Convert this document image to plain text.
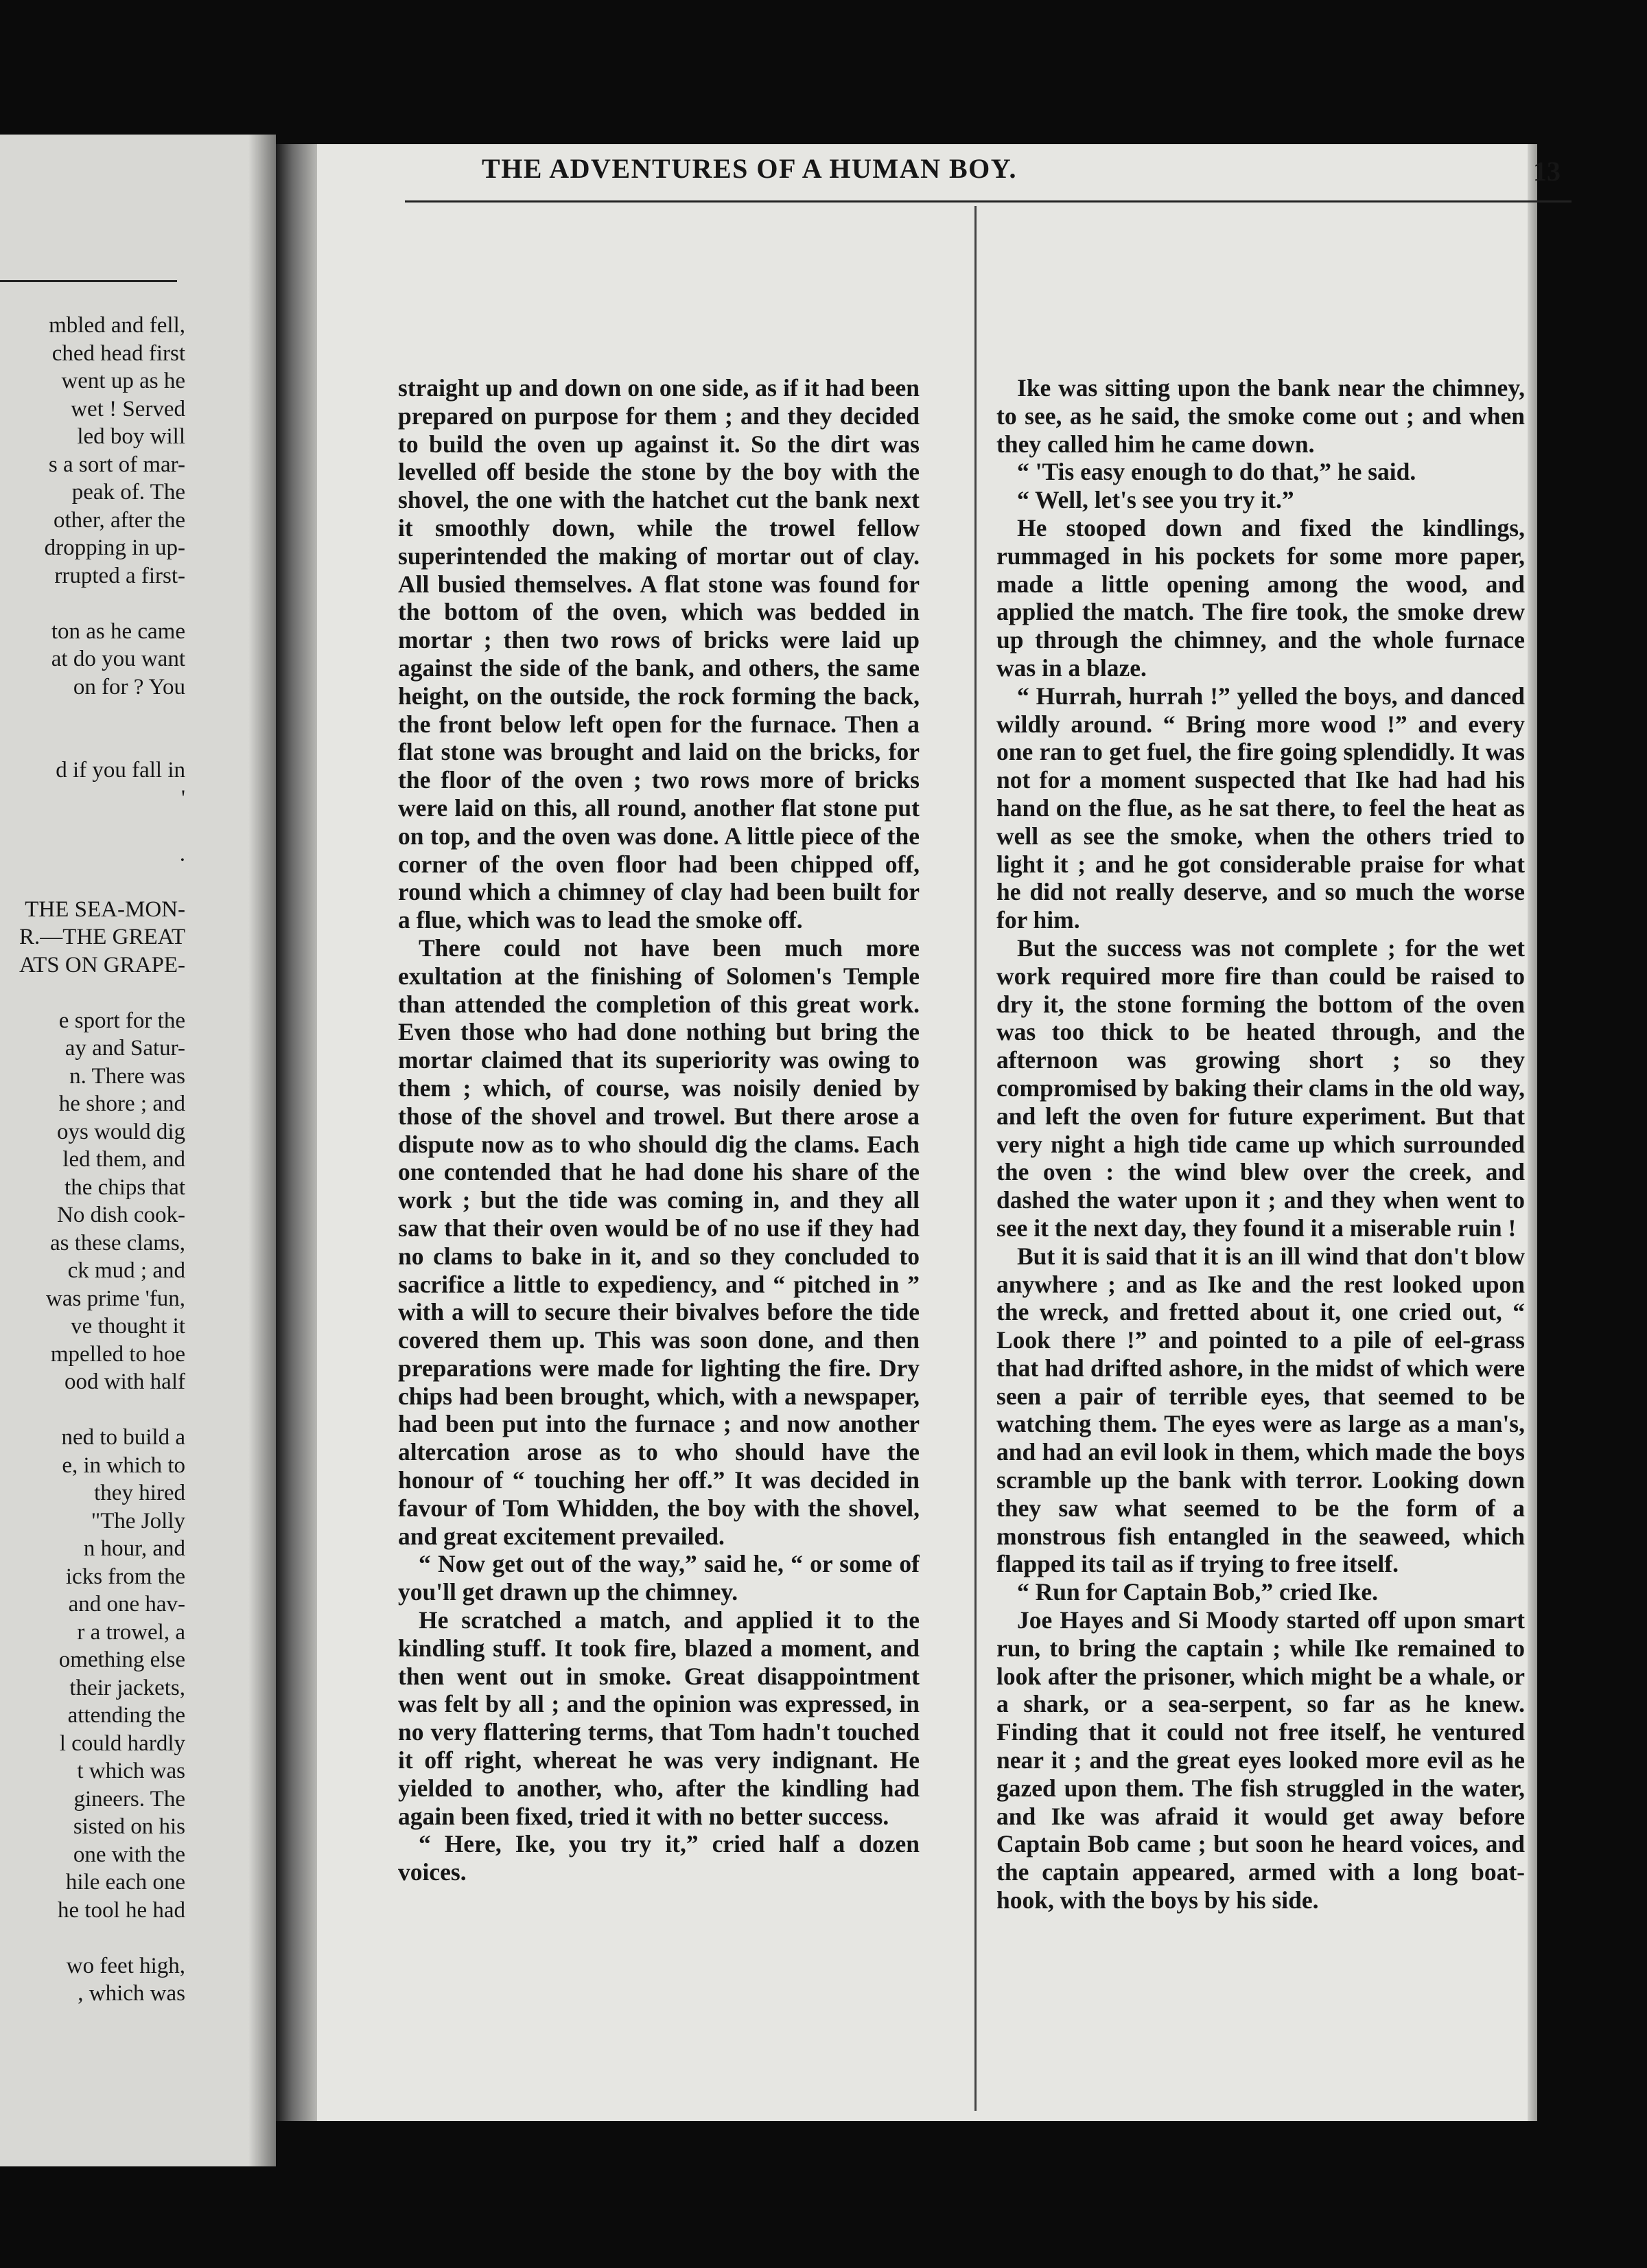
mbled and fell,
ched head first
went up as he
wet ! Served
led boy will
s a sort of mar-
peak of. The
other, after the
dropping in up-
rrupted a first-
ton as he came
at do you want
on for ? You
d if you fall in
'
.
THE SEA-MON-
R.—THE GREAT
ATS ON GRAPE-
e sport for the
ay and Satur-
n. There was
he shore ; and
oys would dig
led them, and
the chips that
No dish cook-
as these clams,
ck mud ; and
was prime 'fun,
ve thought it
mpelled to hoe
ood with half
ned to build a
e, in which to
they hired
"The Jolly
n hour, and
icks from the
and one hav-
r a trowel, a
omething else
their jackets,
attending the
l could hardly
t which was
gineers. The
sisted on his
one with the
hile each one
he tool he had
wo feet high,
, which was
THE ADVENTURES OF A HUMAN BOY.	13

straight up and down on one side, as if it had been prepared on purpose for them ; and they decided to build the oven up against it. So the dirt was levelled off beside the stone by the boy with the shovel, the one with the hatchet cut the bank next it smoothly down, while the trowel fellow superintended the making of mortar out of clay. All busied themselves. A flat stone was found for the bottom of the oven, which was bedded in mortar ; then two rows of bricks were laid up against the side of the bank, and others, the same height, on the outside, the rock forming the back, the front below left open for the furnace. Then a flat stone was brought and laid on the bricks, for the floor of the oven ; two rows more of bricks were laid on this, all round, another flat stone put on top, and the oven was done. A little piece of the corner of the oven floor had been chipped off, round which a chimney of clay had been built for a flue, which was to lead the smoke off.

There could not have been much more exultation at the finishing of Solomen's Temple than attended the completion of this great work. Even those who had done nothing but bring the mortar claimed that its superiority was owing to them ; which, of course, was noisily denied by those of the shovel and trowel. But there arose a dispute now as to who should dig the clams. Each one contended that he had done his share of the work ; but the tide was coming in, and they all saw that their oven would be of no use if they had no clams to bake in it, and so they concluded to sacrifice a little to expediency, and “ pitched in ” with a will to secure their bivalves before the tide covered them up. This was soon done, and then preparations were made for lighting the fire. Dry chips had been brought, which, with a newspaper, had been put into the furnace ; and now another altercation arose as to who should have the honour of “ touching her off.” It was decided in favour of Tom Whidden, the boy with the shovel, and great excitement prevailed.

“ Now get out of the way,” said he, “ or some of you'll get drawn up the chimney.

He scratched a match, and applied it to the kindling stuff. It took fire, blazed a moment, and then went out in smoke. Great disappointment was felt by all ; and the opinion was expressed, in no very flattering terms, that Tom hadn't touched it off right, whereat he was very indignant. He yielded to another, who, after the kindling had again been fixed, tried it with no better success.

“ Here, Ike, you try it,” cried half a dozen voices.

Ike was sitting upon the bank near the chimney, to see, as he said, the smoke come out ; and when they called him he came down.

“ 'Tis easy enough to do that,” he said.

“ Well, let's see you try it.”

He stooped down and fixed the kindlings, rummaged in his pockets for some more paper, made a little opening among the wood, and applied the match. The fire took, the smoke drew up through the chimney, and the whole furnace was in a blaze.

“ Hurrah, hurrah !” yelled the boys, and danced wildly around. “ Bring more wood !” and every one ran to get fuel, the fire going splendidly. It was not for a moment suspected that Ike had had his hand on the flue, as he sat there, to feel the heat as well as see the smoke, when the others tried to light it ; and he got considerable praise for what he did not really deserve, and so much the worse for him.

But the success was not complete ; for the wet work required more fire than could be raised to dry it, the stone forming the bottom of the oven was too thick to be heated through, and the afternoon was growing short ; so they compromised by baking their clams in the old way, and left the oven for future experiment. But that very night a high tide came up which surrounded the oven : the wind blew over the creek, and dashed the water upon it ; and they when went to see it the next day, they found it a miserable ruin !

But it is said that it is an ill wind that don't blow anywhere ; and as Ike and the rest looked upon the wreck, and fretted about it, one cried out, “ Look there !” and pointed to a pile of eel-grass that had drifted ashore, in the midst of which were seen a pair of terrible eyes, that seemed to be watching them. The eyes were as large as a man's, and had an evil look in them, which made the boys scramble up the bank with terror. Looking down they saw what seemed to be the form of a monstrous fish entangled in the seaweed, which flapped its tail as if trying to free itself.

“ Run for Captain Bob,” cried Ike.

Joe Hayes and Si Moody started off upon smart run, to bring the captain ; while Ike remained to look after the prisoner, which might be a whale, or a shark, or a sea-serpent, so far as he knew. Finding that it could not free itself, he ventured near it ; and the great eyes looked more evil as he gazed upon them. The fish struggled in the water, and Ike was afraid it would get away before Captain Bob came ; but soon he heard voices, and the captain appeared, armed with a long boat-hook, with the boys by his side.
